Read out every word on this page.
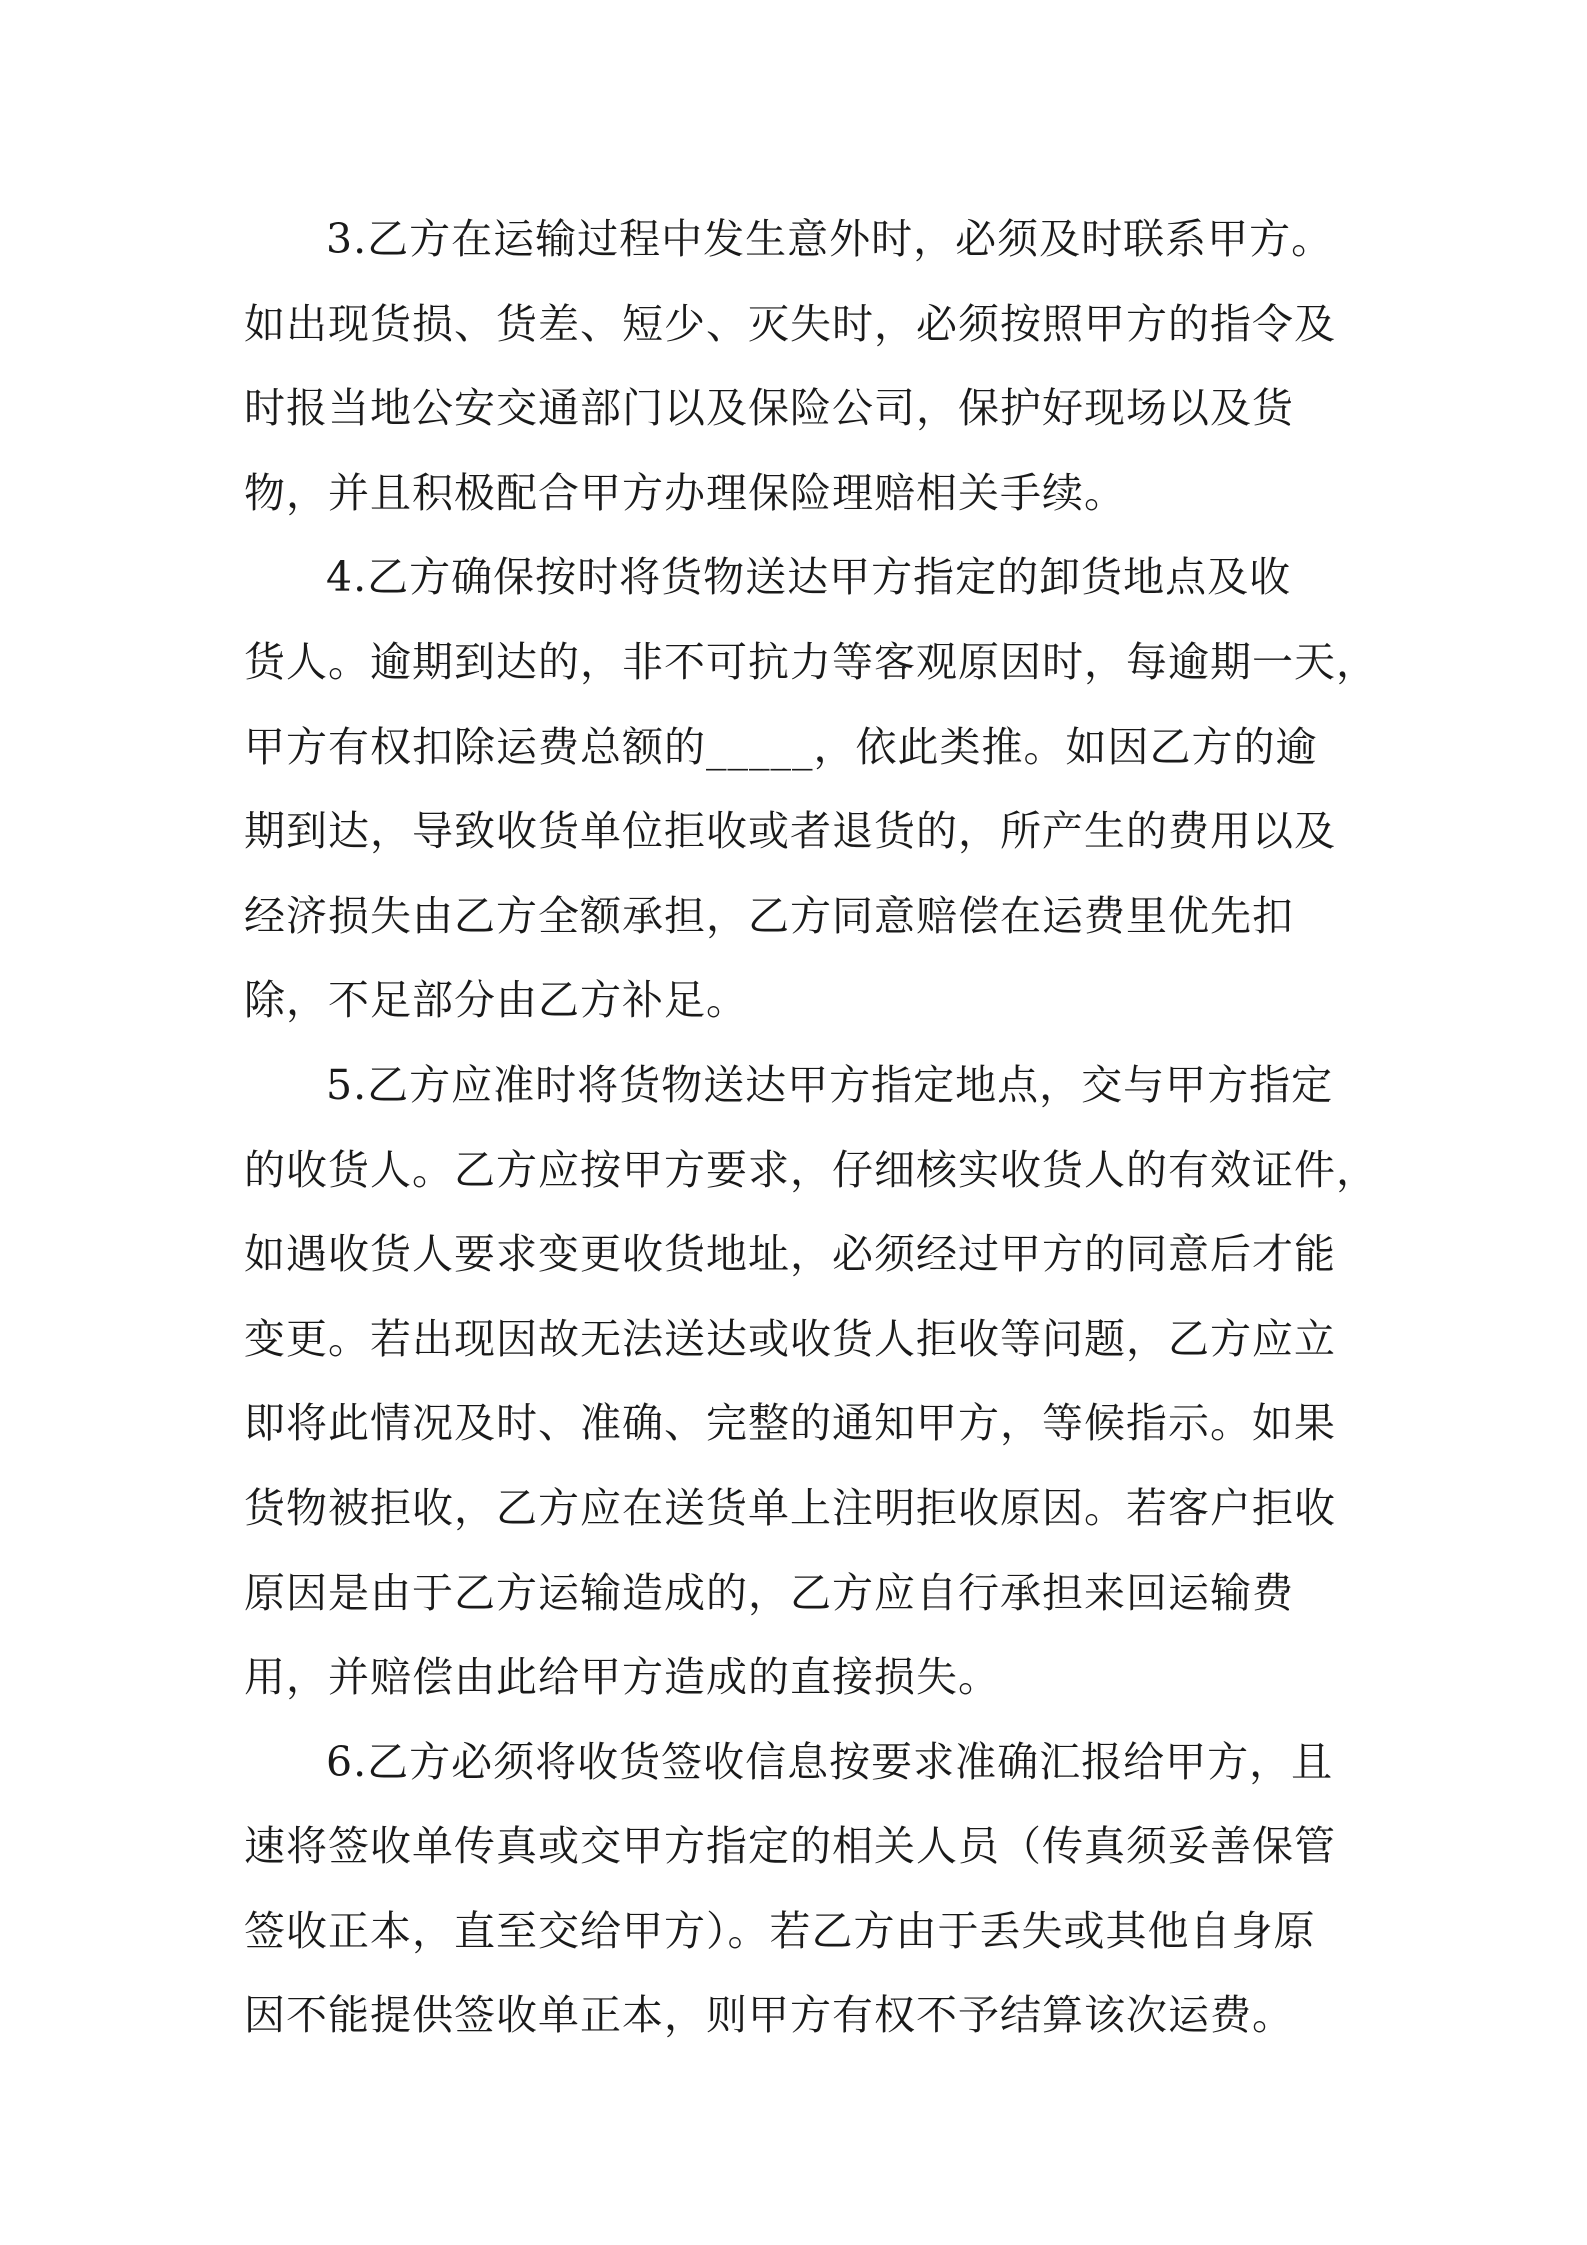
3.乙方在运输过程中发生意外时，必须及时联系甲方。
如出现货损、货差、短少、灭失时，必须按照甲方的指令及
时报当地公安交通部门以及保险公司，保护好现场以及货
物，并且积极配合甲方办理保险理赔相关手续。
4.乙方确保按时将货物送达甲方指定的卸货地点及收
货人。逾期到达的，非不可抗力等客观原因时，每逾期一天，
甲方有权扣除运费总额的_____，依此类推。如因乙方的逾
期到达，导致收货单位拒收或者退货的，所产生的费用以及
经济损失由乙方全额承担，乙方同意赔偿在运费里优先扣
除，不足部分由乙方补足。
5.乙方应准时将货物送达甲方指定地点，交与甲方指定
的收货人。乙方应按甲方要求，仔细核实收货人的有效证件，
如遇收货人要求变更收货地址，必须经过甲方的同意后才能
变更。若出现因故无法送达或收货人拒收等问题，乙方应立
即将此情况及时、准确、完整的通知甲方，等候指示。如果
货物被拒收，乙方应在送货单上注明拒收原因。若客户拒收
原因是由于乙方运输造成的，乙方应自行承担来回运输费
用，并赔偿由此给甲方造成的直接损失。
6.乙方必须将收货签收信息按要求准确汇报给甲方，且
速将签收单传真或交甲方指定的相关人员（传真须妥善保管
签收正本，直至交给甲方）。若乙方由于丢失或其他自身原
因不能提供签收单正本，则甲方有权不予结算该次运费。
